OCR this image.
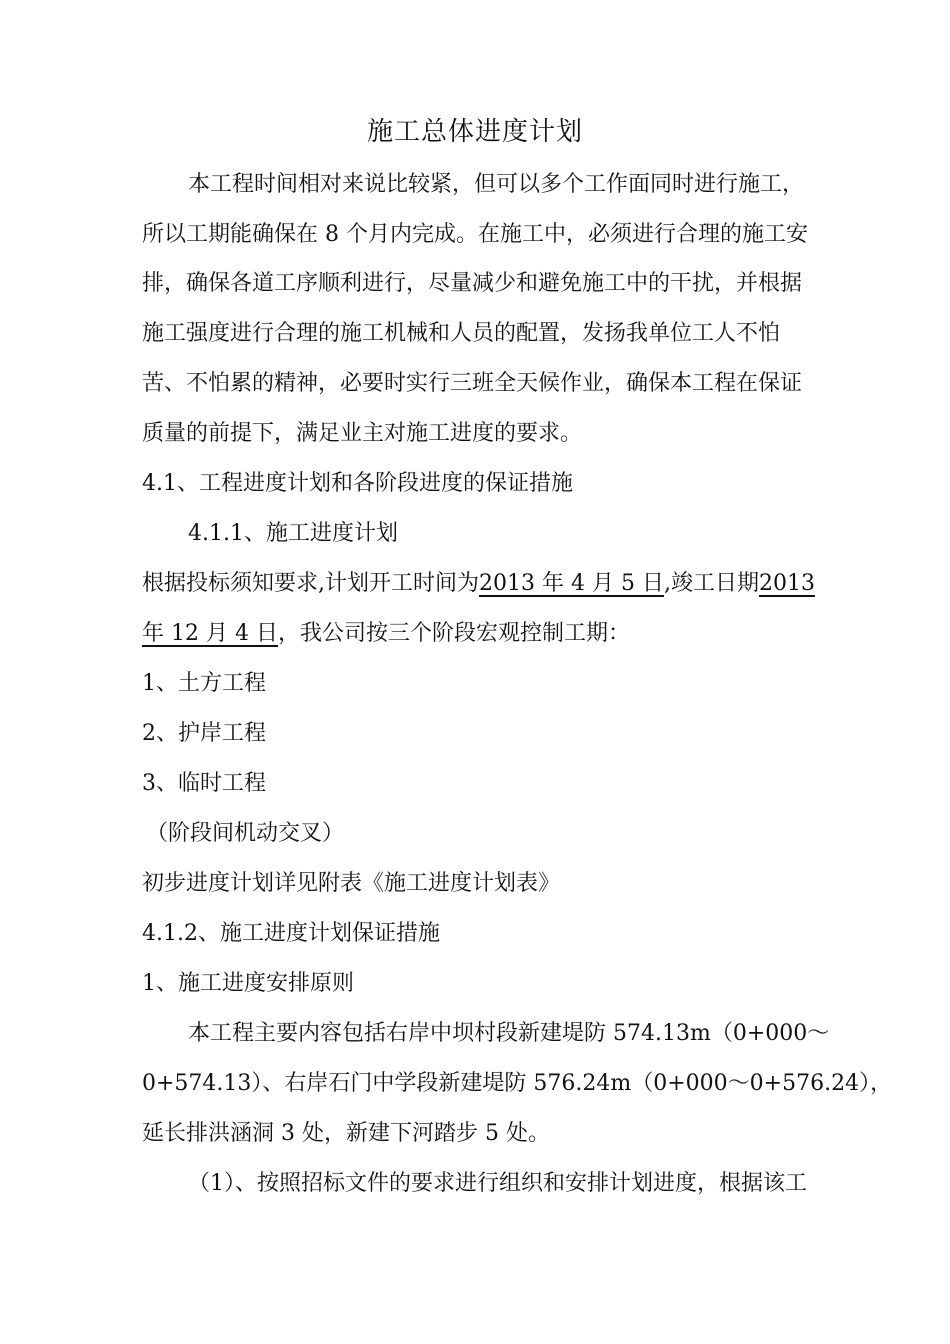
施工总体进度计划
本工程时间相对来说比较紧，但可以多个工作面同时进行施工，
所以工期能确保在 8 个月内完成。在施工中，必须进行合理的施工安
排，确保各道工序顺利进行，尽量减少和避免施工中的干扰，并根据
施工强度进行合理的施工机械和人员的配置，发扬我单位工人不怕
苦、不怕累的精神，必要时实行三班全天候作业，确保本工程在保证
质量的前提下，满足业主对施工进度的要求。
4.1、工程进度计划和各阶段进度的保证措施
4.1.1、施工进度计划
根据投标须知要求,计划开工时间为2013 年 4 月 5 日,竣工日期2013
年 12 月 4 日，我公司按三个阶段宏观控制工期：
1、土方工程
2、护岸工程
3、临时工程
（阶段间机动交叉）
初步进度计划详见附表《施工进度计划表》
4.1.2、施工进度计划保证措施
1、施工进度安排原则
本工程主要内容包括右岸中坝村段新建堤防 574.13m（0+000～
0+574.13）、右岸石门中学段新建堤防 576.24m（0+000～0+576.24），
延长排洪涵洞 3 处，新建下河踏步 5 处。
（1）、按照招标文件的要求进行组织和安排计划进度，根据该工
